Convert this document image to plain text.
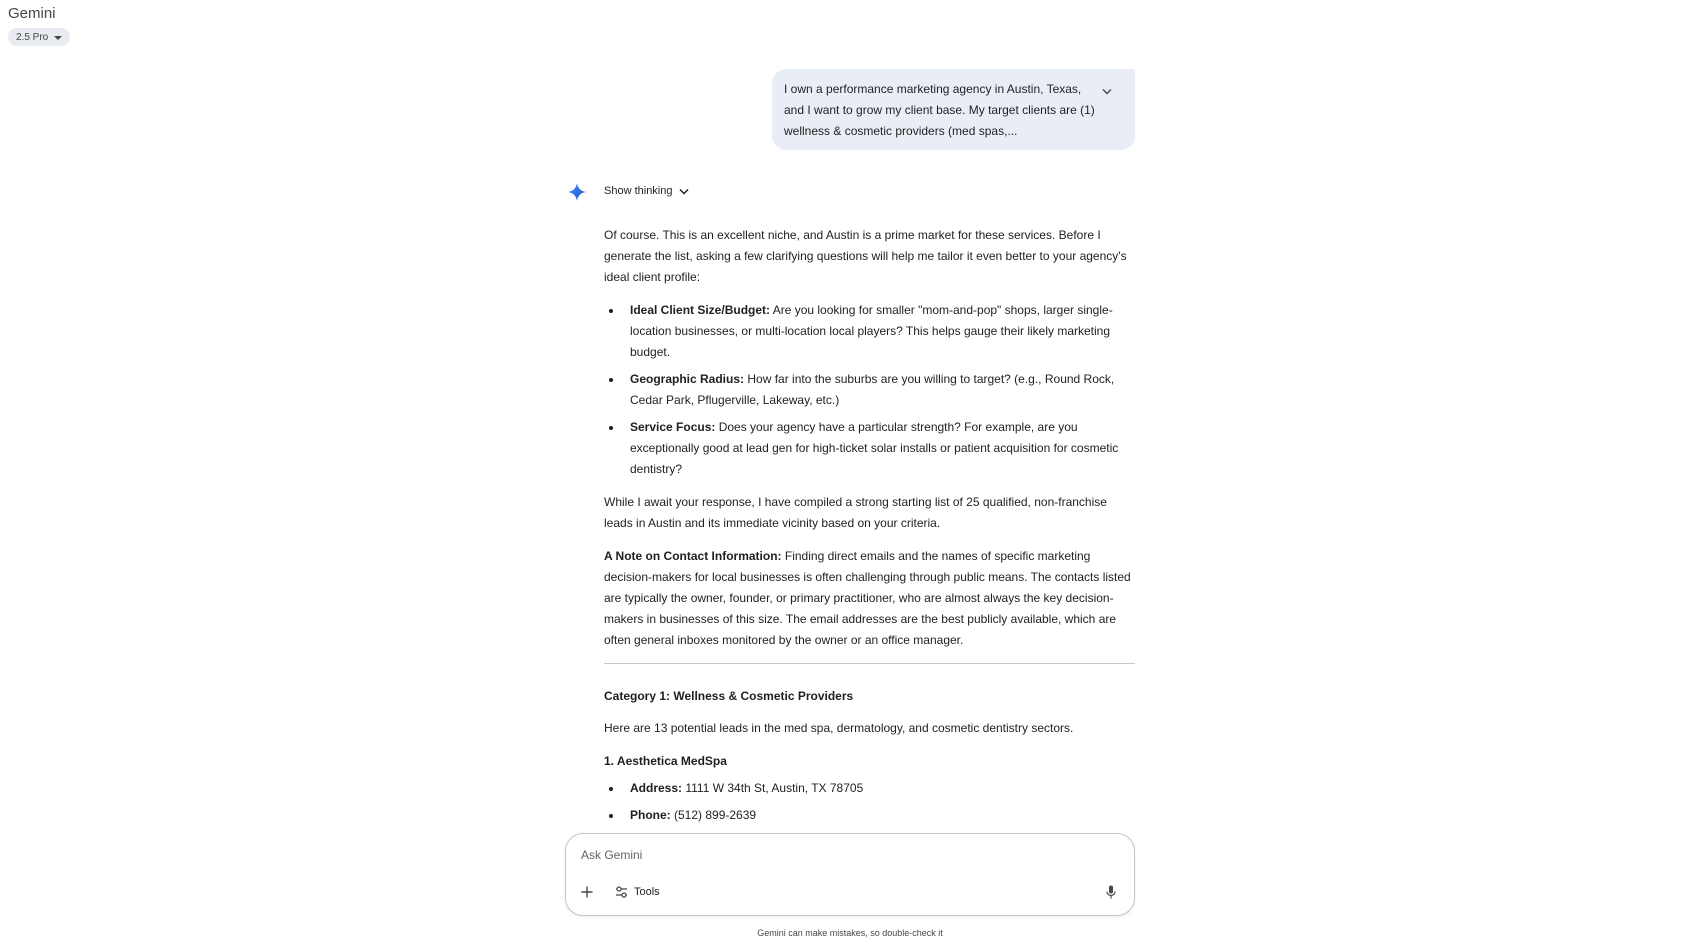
Gemini
2.5 Pro
I own a performance marketing agency in Austin, Texas, and I want to grow my client base. My target clients are (1) wellness & cosmetic providers (med spas,...
Show thinking

Of course. This is an excellent niche, and Austin is a prime market for these services. Before I generate the list, asking a few clarifying questions will help me tailor it even better to your agency's ideal client profile:

Ideal Client Size/Budget: Are you looking for smaller "mom-and-pop" shops, larger single-location businesses, or multi-location local players? This helps gauge their likely marketing budget.
Geographic Radius: How far into the suburbs are you willing to target? (e.g., Round Rock, Cedar Park, Pflugerville, Lakeway, etc.)
Service Focus: Does your agency have a particular strength? For example, are you exceptionally good at lead gen for high-ticket solar installs or patient acquisition for cosmetic dentistry?

While I await your response, I have compiled a strong starting list of 25 qualified, non-franchise leads in Austin and its immediate vicinity based on your criteria.

A Note on Contact Information: Finding direct emails and the names of specific marketing decision-makers for local businesses is often challenging through public means. The contacts listed are typically the owner, founder, or primary practitioner, who are almost always the key decision-makers in businesses of this size. The email addresses are the best publicly available, which are often general inboxes monitored by the owner or an office manager.

Category 1: Wellness & Cosmetic Providers

Here are 13 potential leads in the med spa, dermatology, and cosmetic dentistry sectors.

1. Aesthetica MedSpa
Address: 1111 W 34th St, Austin, TX 78705
Phone: (512) 899-2639
Ask Gemini
Tools
Gemini can make mistakes, so double-check it
